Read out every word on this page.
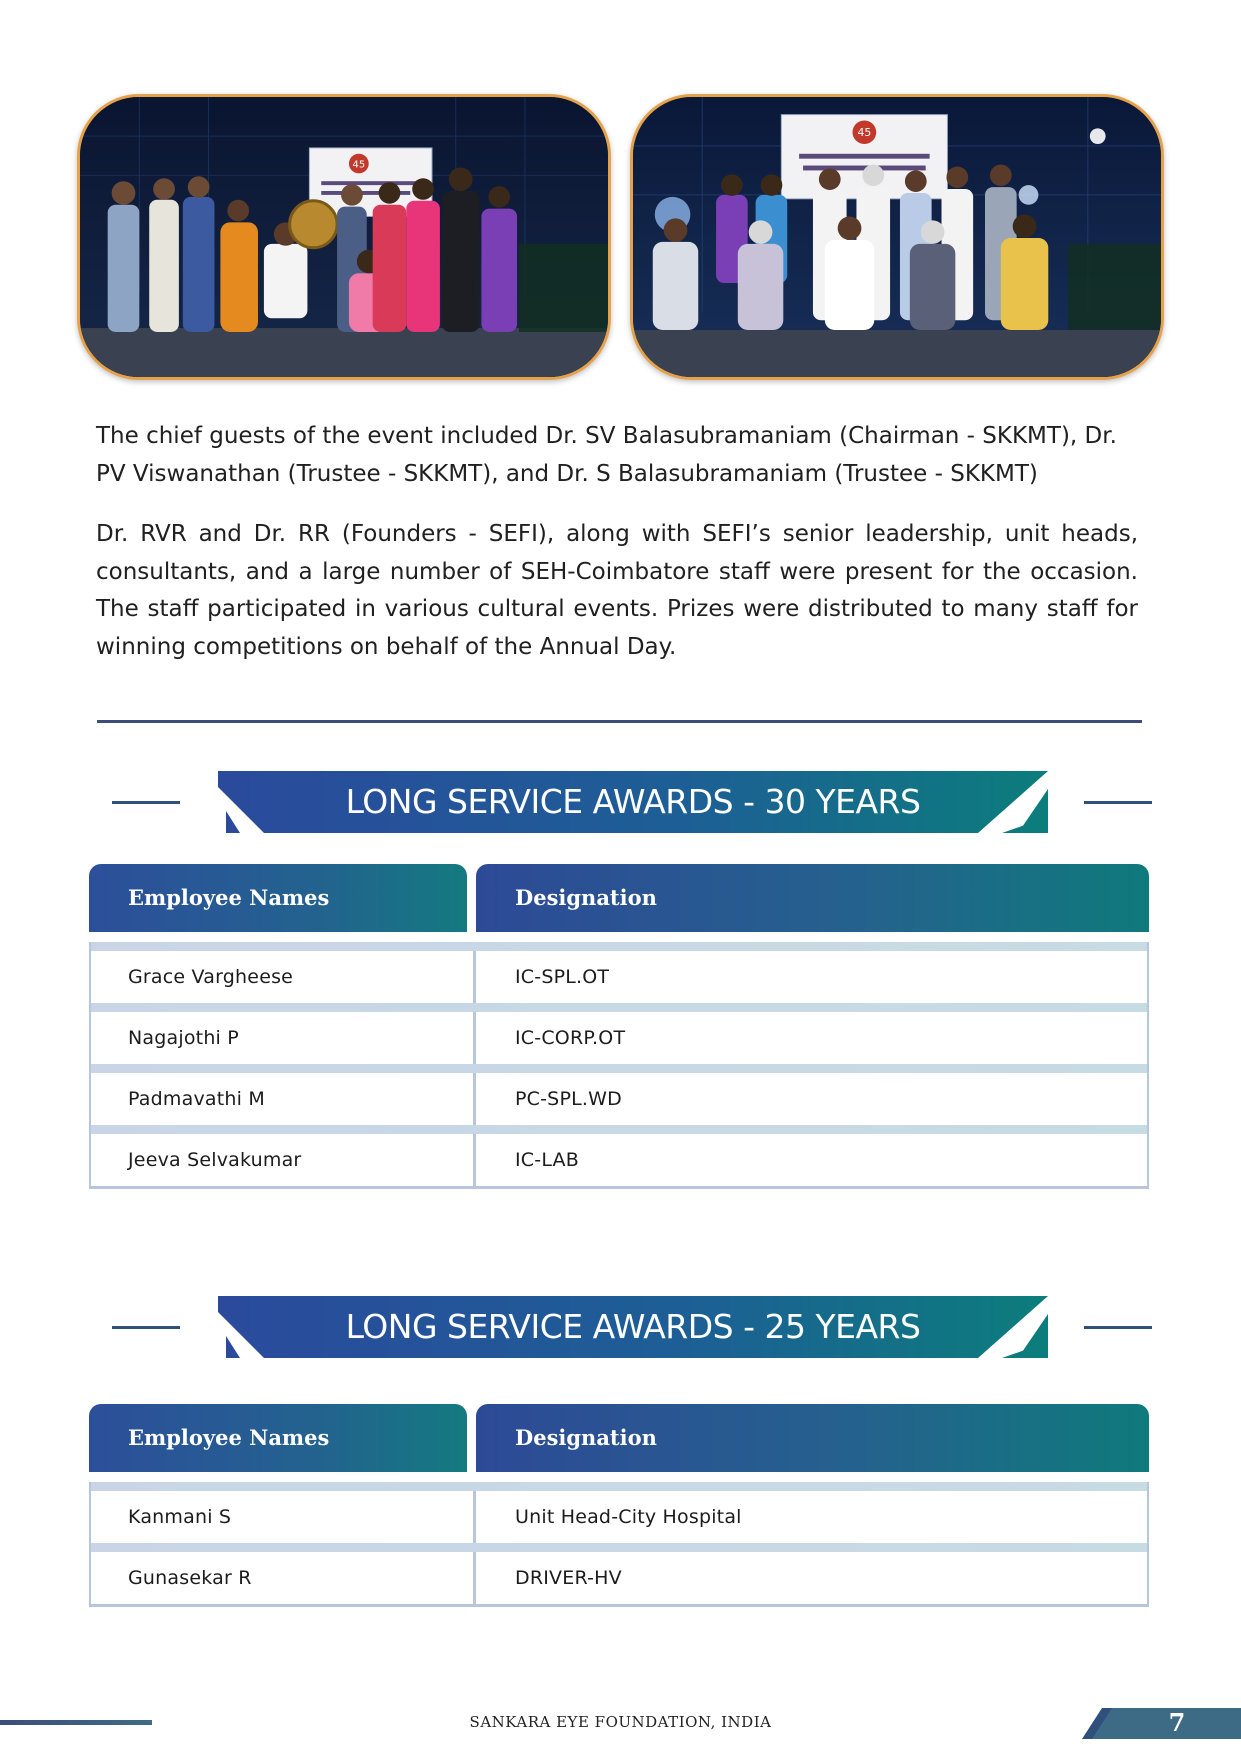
45
45

The chief guests of the event included Dr. SV Balasubramaniam (Chairman - SKKMT), Dr. PV Viswanathan (Trustee - SKKMT), and Dr. S Balasubramaniam (Trustee - SKKMT)

Dr. RVR and Dr. RR (Founders - SEFI), along with SEFI’s senior leadership, unit heads, consultants, and a large number of SEH-Coimbatore staff were present for the occasion. The staff participated in various cultural events. Prizes were distributed to many staff for winning competitions on behalf of the Annual Day.

LONG SERVICE AWARDS - 30 YEARS
Employee Names	Designation
Grace Vargheese	IC-SPL.OT
Nagajothi P	IC-CORP.OT
Padmavathi M	PC-SPL.WD
Jeeva Selvakumar	IC-LAB
LONG SERVICE AWARDS - 25 YEARS
Employee Names	Designation
Kanmani S	Unit Head-City Hospital
Gunasekar R	DRIVER-HV
SANKARA EYE FOUNDATION, INDIA	7
